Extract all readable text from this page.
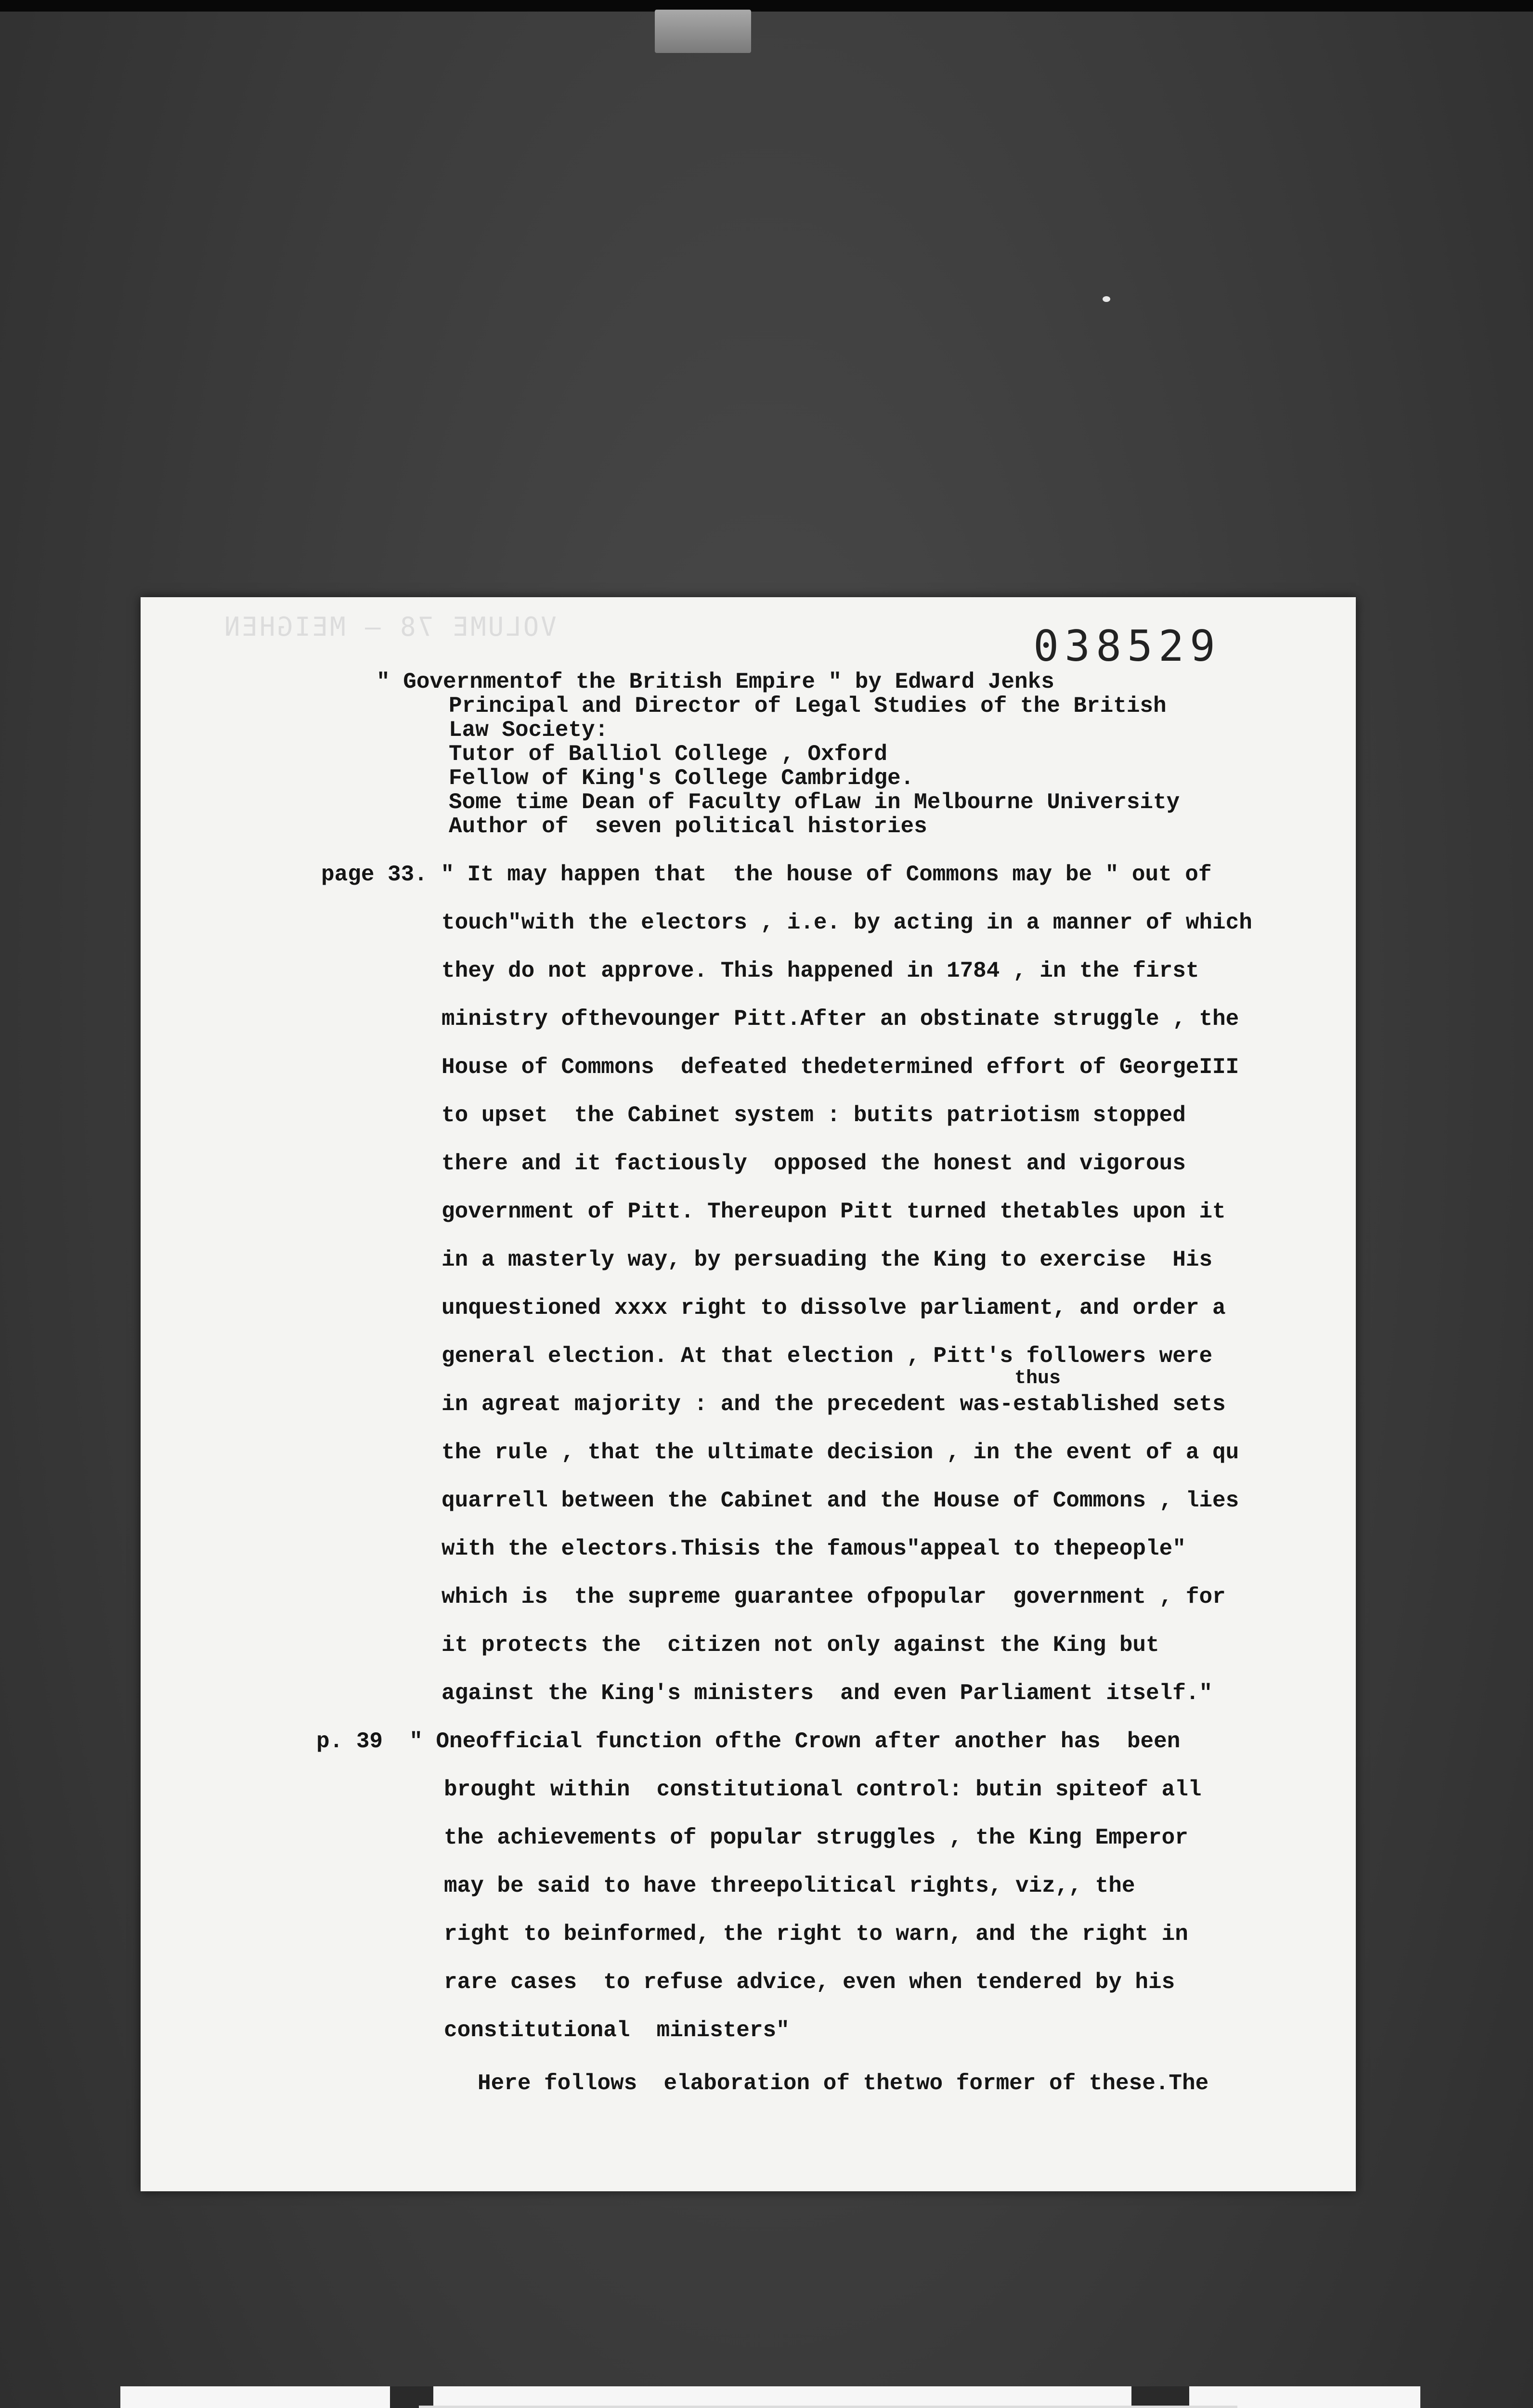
VOLUME 78 — MEIGHEN	038529
" Governmentof the British Empire " by Edward Jenks
Principal and Director of Legal Studies of the British
Law Society:
Tutor of Balliol College , Oxford
Fellow of King's College Cambridge.
Some time Dean of Faculty ofLaw in Melbourne University
Author of  seven political histories
page 33. " It may happen that  the house of Commons may be " out of
touch"with the electors , i.e. by acting in a manner of which
they do not approve. This happened in 1784 , in the first
ministry ofthevounger Pitt.After an obstinate struggle , the
House of Commons  defeated thedetermined effort of GeorgeIII
to upset  the Cabinet system : butits patriotism stopped
there and it factiously  opposed the honest and vigorous
government of Pitt. Thereupon Pitt turned thetables upon it
in a masterly way, by persuading the King to exercise  His
unquestioned xxxx right to dissolve parliament, and order a
general election. At that election , Pitt's followers were
thus
in agreat majority : and the precedent was-established sets
the rule , that the ultimate decision , in the event of a qu
quarrell between the Cabinet and the House of Commons , lies
with the electors.Thisis the famous"appeal to thepeople"
which is  the supreme guarantee ofpopular  government , for
it protects the  citizen not only against the King but
against the King's ministers  and even Parliament itself."
p. 39  " Oneofficial function ofthe Crown after another has  been
brought within  constitutional control: butin spiteof all
the achievements of popular struggles , the King Emperor
may be said to have threepolitical rights, viz,, the
right to beinformed, the right to warn, and the right in
rare cases  to refuse advice, even when tendered by his
constitutional  ministers"
Here follows  elaboration of thetwo former of these.The
